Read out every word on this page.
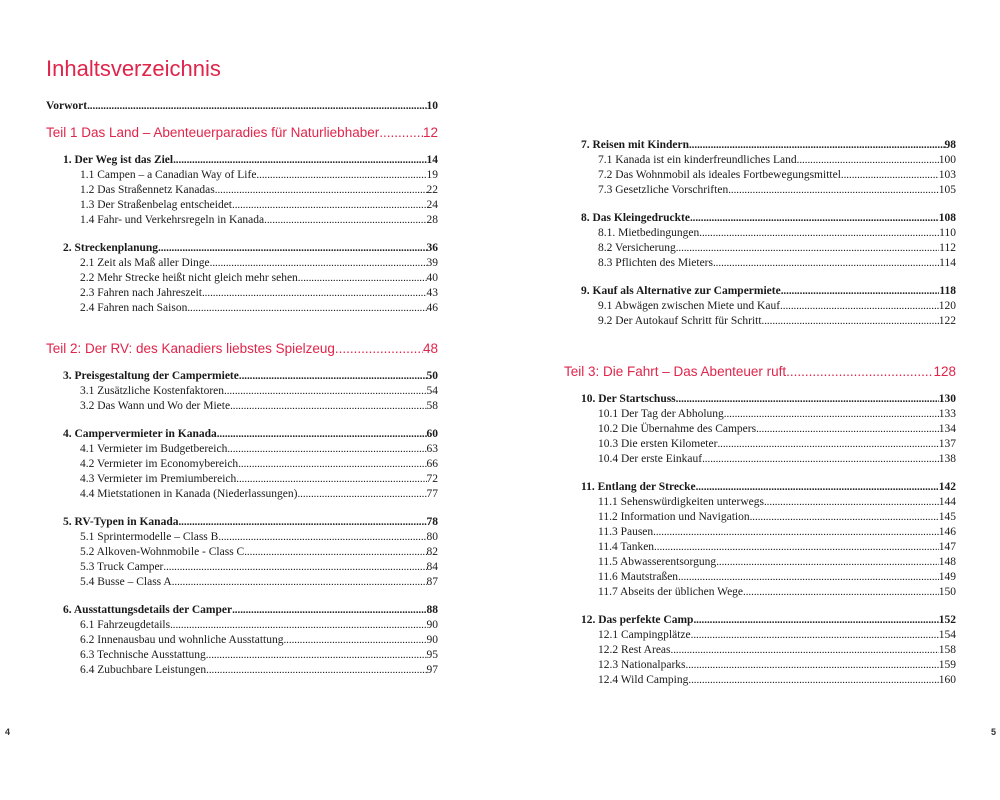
Inhaltsverzeichnis
Vorwort . . .	10
Teil 1 Das Land – Abenteuerparadies für Naturliebhaber .....	12
1. Der Weg ist das Ziel . . .	14
1.1 Campen – a Canadian Way of Life . . .	19
1.2 Das Straßennetz Kanadas . . .	22
1.3 Der Straßenbelag entscheidet . . .	24
1.4 Fahr- und Verkehrsregeln in Kanada . . .	28
2. Streckenplanung . . .	36
2.1 Zeit als Maß aller Dinge . . .	39
2.2 Mehr Strecke heißt nicht gleich mehr sehen . . .	40
2.3 Fahren nach Jahreszeit . . .	43
2.4 Fahren nach Saison . . .	46
Teil 2: Der RV: des Kanadiers liebstes Spielzeug .....	48
3. Preisgestaltung der Campermiete . . .	50
3.1 Zusätzliche Kostenfaktoren . . .	54
3.2 Das Wann und Wo der Miete . . .	58
4. Campervermieter in Kanada . . .	60
4.1 Vermieter im Budgetbereich . . .	63
4.2 Vermieter im Economybereich . . .	66
4.3 Vermieter im Premiumbereich . . .	72
4.4 Mietstationen in Kanada (Niederlassungen) . . .	77
5. RV-Typen in Kanada . . .	78
5.1 Sprintermodelle – Class B . . .	80
5.2 Alkoven-Wohnmobile - Class C . . .	82
5.3 Truck Camper . . .	84
5.4 Busse – Class A . . .	87
6. Ausstattungsdetails der Camper . . .	88
6.1 Fahrzeugdetails . . .	90
6.2 Innenausbau und wohnliche Ausstattung . . .	90
6.3 Technische Ausstattung . . .	95
6.4 Zubuchbare Leistungen . . .	97
7. Reisen mit Kindern . . .	98
7.1 Kanada ist ein kinderfreundliches Land . . .	100
7.2 Das Wohnmobil als ideales Fortbewegungsmittel . . .	103
7.3 Gesetzliche Vorschriften . . .	105
8. Das Kleingedruckte . . .	108
8.1. Mietbedingungen . . .	110
8.2 Versicherung . . .	112
8.3 Pflichten des Mieters . . .	114
9. Kauf als Alternative zur Campermiete . . .	118
9.1 Abwägen zwischen Miete und Kauf . . .	120
9.2 Der Autokauf Schritt für Schritt . . .	122
Teil 3: Die Fahrt – Das Abenteuer ruft .....	128
10. Der Startschuss . . .	130
10.1 Der Tag der Abholung . . .	133
10.2 Die Übernahme des Campers . . .	134
10.3 Die ersten Kilometer . . .	137
10.4 Der erste Einkauf . . .	138
11. Entlang der Strecke . . .	142
11.1 Sehenswürdigkeiten unterwegs . . .	144
11.2 Information und Navigation . . .	145
11.3 Pausen . . .	146
11.4 Tanken . . .	147
11.5 Abwasserentsorgung . . .	148
11.6 Mautstraßen . . .	149
11.7 Abseits der üblichen Wege . . .	150
12. Das perfekte Camp . . .	152
12.1 Campingplätze . . .	154
12.2 Rest Areas . . .	158
12.3 Nationalparks . . .	159
12.4 Wild Camping . . .	160
4	5
